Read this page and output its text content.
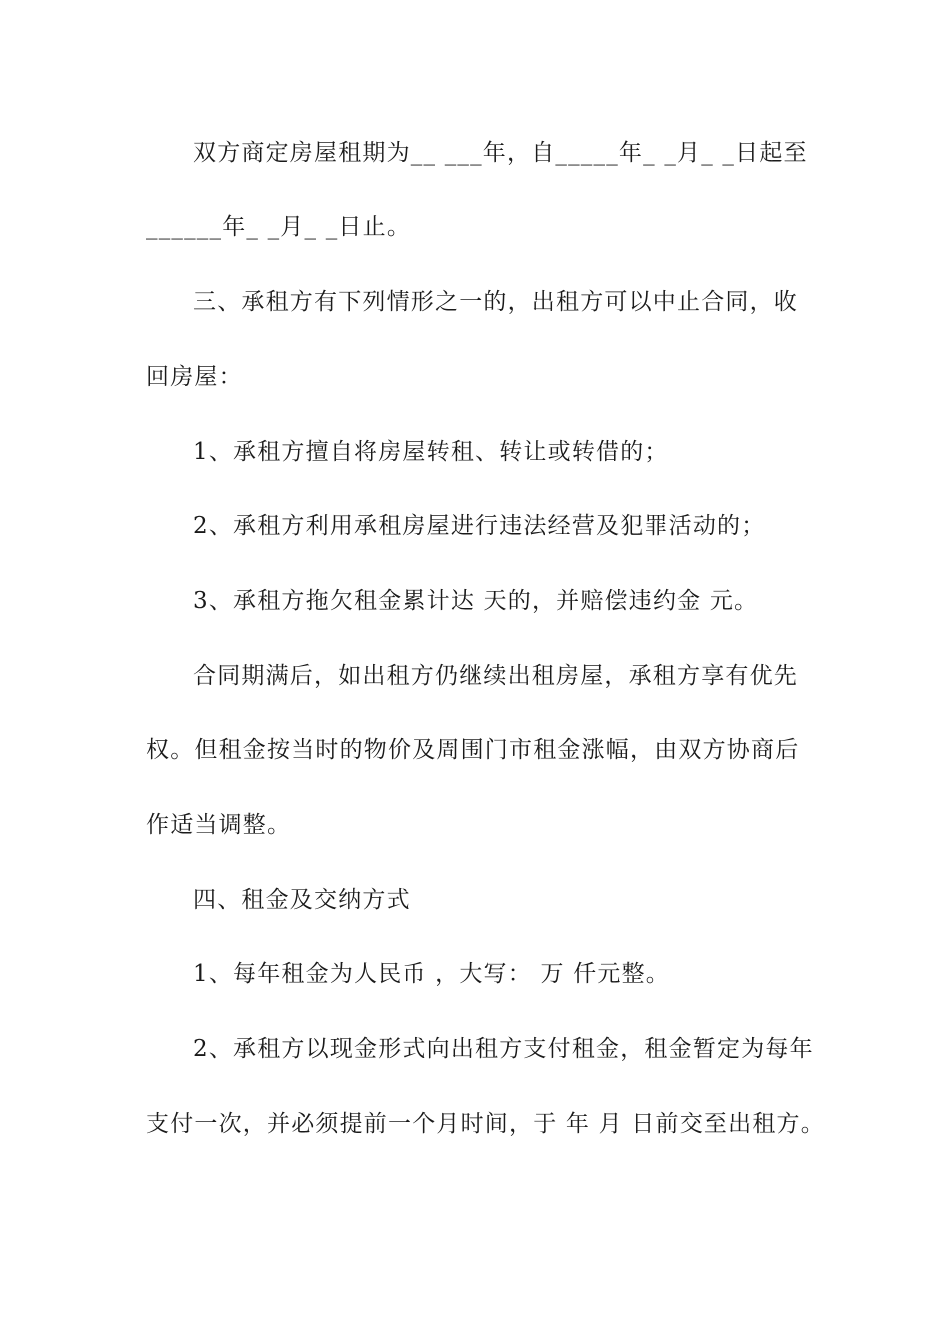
双方商定房屋租期为__ ___年，自_____年_ _月_ _日起至
______年_ _月_ _日止。
三、承租方有下列情形之一的，出租方可以中止合同，收
回房屋：
1、承租方擅自将房屋转租、转让或转借的；
2、承租方利用承租房屋进行违法经营及犯罪活动的；
3、承租方拖欠租金累计达 天的，并赔偿违约金 元。
合同期满后，如出租方仍继续出租房屋，承租方享有优先
权。但租金按当时的物价及周围门市租金涨幅，由双方协商后
作适当调整。
四、租金及交纳方式
1、每年租金为人民币 ，大写： 万 仟元整。
2、承租方以现金形式向出租方支付租金，租金暂定为每年
支付一次，并必须提前一个月时间，于 年 月 日前交至出租方。
